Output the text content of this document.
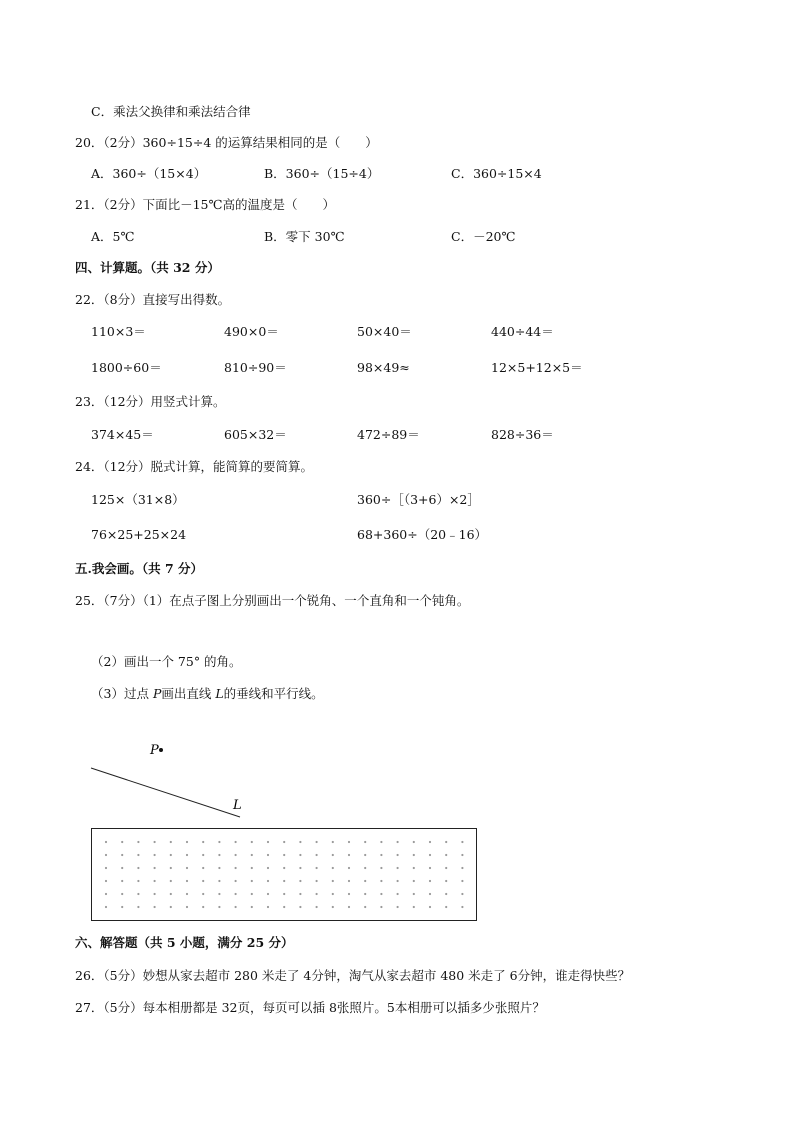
C．乘法父换律和乘法结合律
20．（2分）360÷15÷4 的运算结果相同的是（　　）
A．360÷（15×4）	B．360÷（15÷4）	C．360÷15×4
21．（2分）下面比－15℃高的温度是（　　）
A．5℃	B．零下 30℃	C．－20℃
四、计算题。（共 32 分）
22．（8分）直接写出得数。
110×3＝	490×0＝	50×40＝	440÷44＝
1800÷60＝	810÷90＝	98×49≈	12×5+12×5＝
23．（12分）用竖式计算。
374×45＝	605×32＝	472÷89＝	828÷36＝
24．（12分）脱式计算，能简算的要简算。
125×（31×8）	360÷［（3+6）×2］
76×25+25×24	68+360÷（20﹣16）
五.我会画。（共 7 分）
25．（7分）（1）在点子图上分别画出一个锐角、一个直角和一个钝角。
（2）画出一个 75° 的角。
（3）过点 P画出直线 L的垂线和平行线。
P
L
六、解答题（共 5 小题，满分 25 分）
26．（5分）妙想从家去超市 280 米走了 4分钟，淘气从家去超市 480 米走了 6分钟，谁走得快些？
27．（5分）每本相册都是 32页，每页可以插 8张照片。5本相册可以插多少张照片？
